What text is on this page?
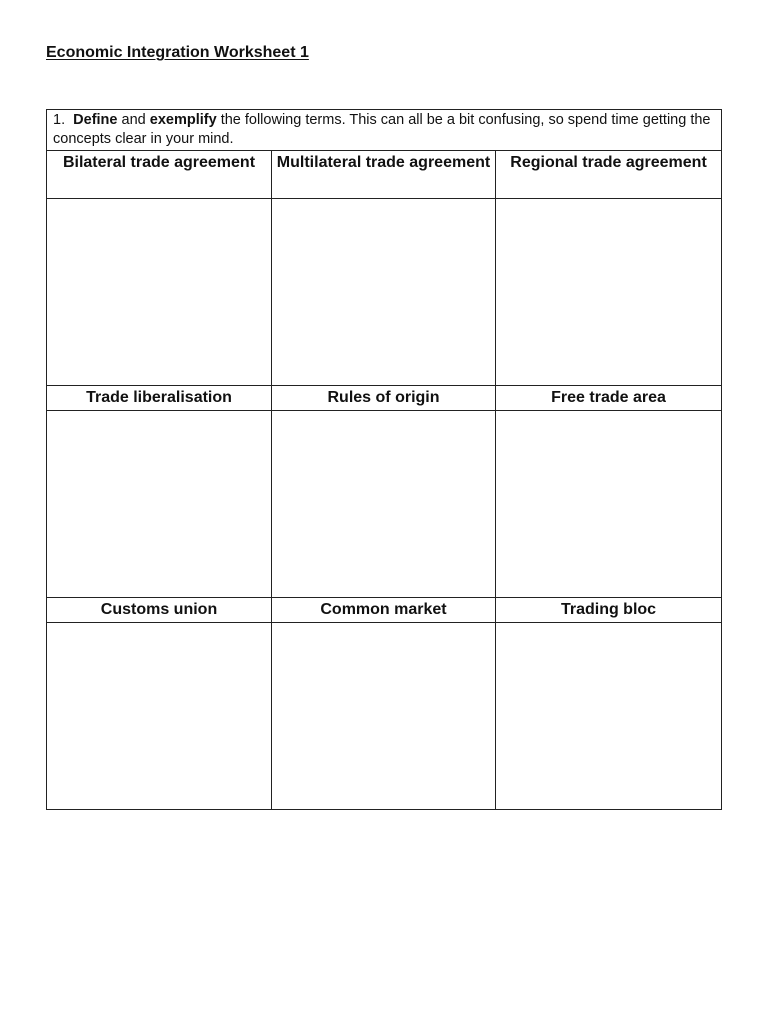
Economic Integration Worksheet 1
1. Define and exemplify the following terms. This can all be a bit confusing, so spend time getting the concepts clear in your mind.		
Bilateral trade agreement	Multilateral trade agreement	Regional trade agreement

Trade liberalisation	Rules of origin	Free trade area

Customs union	Common market	Trading bloc
